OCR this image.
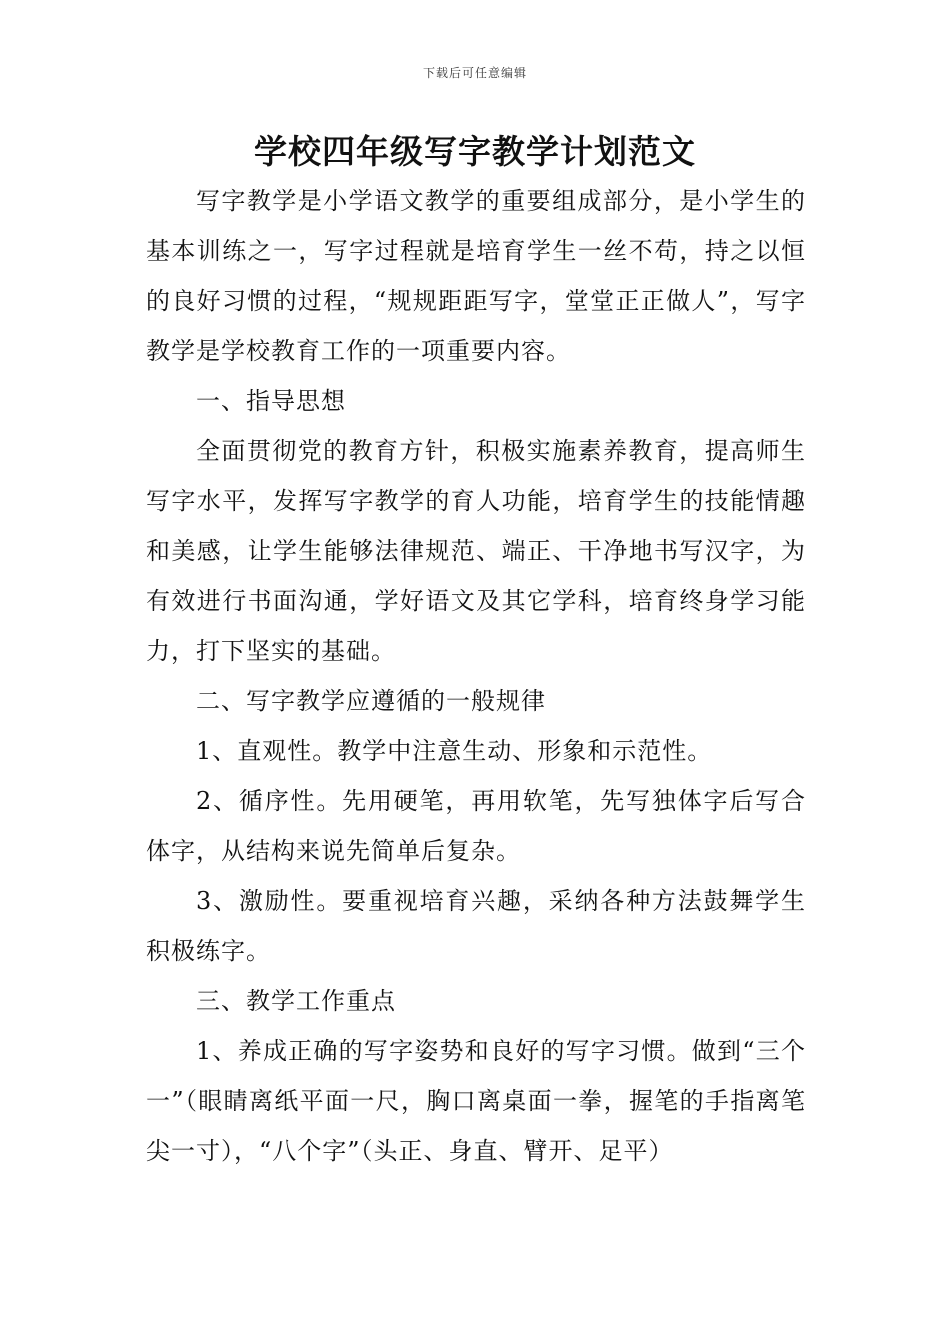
下载后可任意编辑
学校四年级写字教学计划范文

写字教学是小学语文教学的重要组成部分，是小学生的基本训练之一，写字过程就是培育学生一丝不苟，持之以恒的良好习惯的过程，“规规距距写字，堂堂正正做人”，写字教学是学校教育工作的一项重要内容。

一、指导思想

全面贯彻党的教育方针，积极实施素养教育，提高师生写字水平，发挥写字教学的育人功能，培育学生的技能情趣和美感，让学生能够法律规范、端正、干净地书写汉字，为有效进行书面沟通，学好语文及其它学科，培育终身学习能力，打下坚实的基础。

二、写字教学应遵循的一般规律

1、直观性。教学中注意生动、形象和示范性。

2、循序性。先用硬笔，再用软笔，先写独体字后写合体字，从结构来说先简单后复杂。

3、激励性。要重视培育兴趣，采纳各种方法鼓舞学生积极练字。

三、教学工作重点

1、养成正确的写字姿势和良好的写字习惯。做到“三个一”（眼睛离纸平面一尺，胸口离桌面一拳，握笔的手指离笔尖一寸），“八个字”（头正、身直、臂开、足平）
